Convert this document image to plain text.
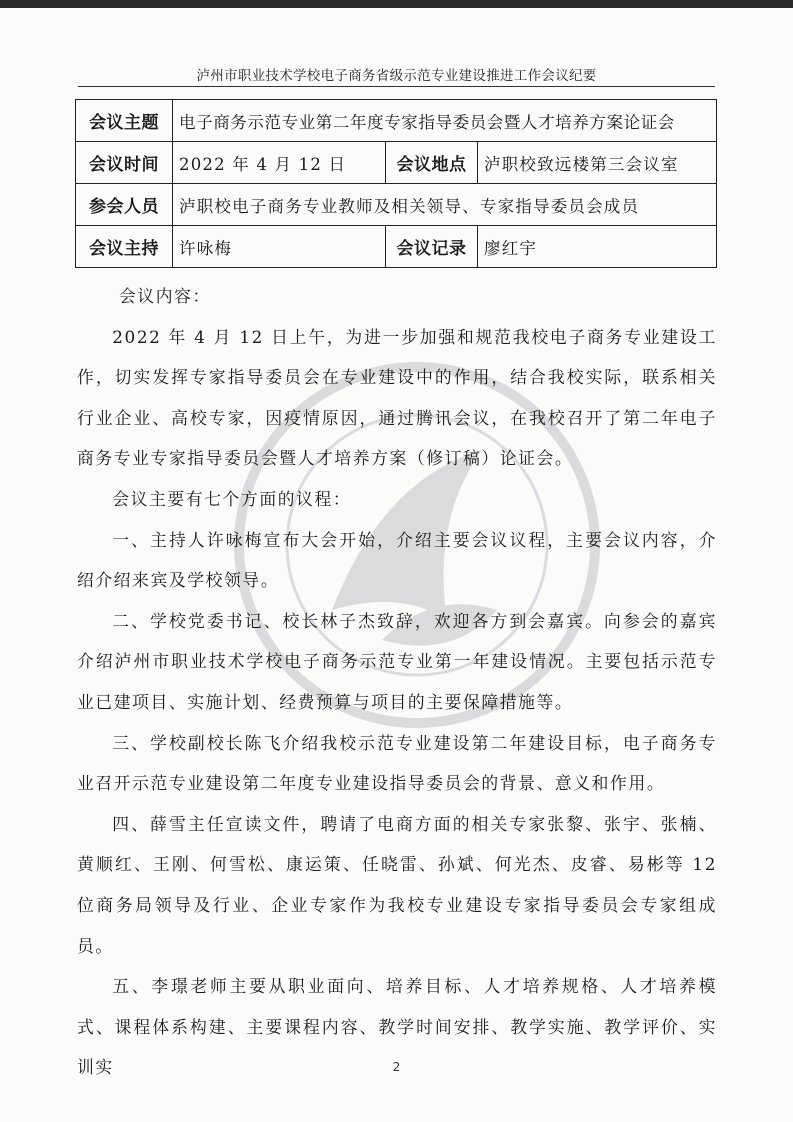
泸州市职业技术学校电子商务省级示范专业建设推进工作会议纪要
会议主题	电子商务示范专业第二年度专家指导委员会暨人才培养方案论证会		
会议时间	2022 年 4 月 12 日	会议地点	泸职校致远楼第三会议室
参会人员	泸职校电子商务专业教师及相关领导、专家指导委员会成员		
会议主持	许咏梅	会议记录	廖红宇

会议内容：

2022 年 4 月 12 日上午，为进一步加强和规范我校电子商务专业建设工作，切实发挥专家指导委员会在专业建设中的作用，结合我校实际，联系相关行业企业、高校专家，因疫情原因，通过腾讯会议，在我校召开了第二年电子商务专业专家指导委员会暨人才培养方案（修订稿）论证会。

会议主要有七个方面的议程：

一、主持人许咏梅宣布大会开始，介绍主要会议议程，主要会议内容，介绍介绍来宾及学校领导。

二、学校党委书记、校长林子杰致辞，欢迎各方到会嘉宾。向参会的嘉宾介绍泸州市职业技术学校电子商务示范专业第一年建设情况。主要包括示范专业已建项目、实施计划、经费预算与项目的主要保障措施等。

三、学校副校长陈飞介绍我校示范专业建设第二年建设目标，电子商务专业召开示范专业建设第二年度专业建设指导委员会的背景、意义和作用。

四、薛雪主任宣读文件，聘请了电商方面的相关专家张黎、张宇、张楠、黄顺红、王刚、何雪松、康运策、任晓雷、孙斌、何光杰、皮睿、易彬等 12 位商务局领导及行业、企业专家作为我校专业建设专家指导委员会专家组成员。

五、李璟老师主要从职业面向、培养目标、人才培养规格、人才培养模式、课程体系构建、主要课程内容、教学时间安排、教学实施、教学评价、实训实	2
